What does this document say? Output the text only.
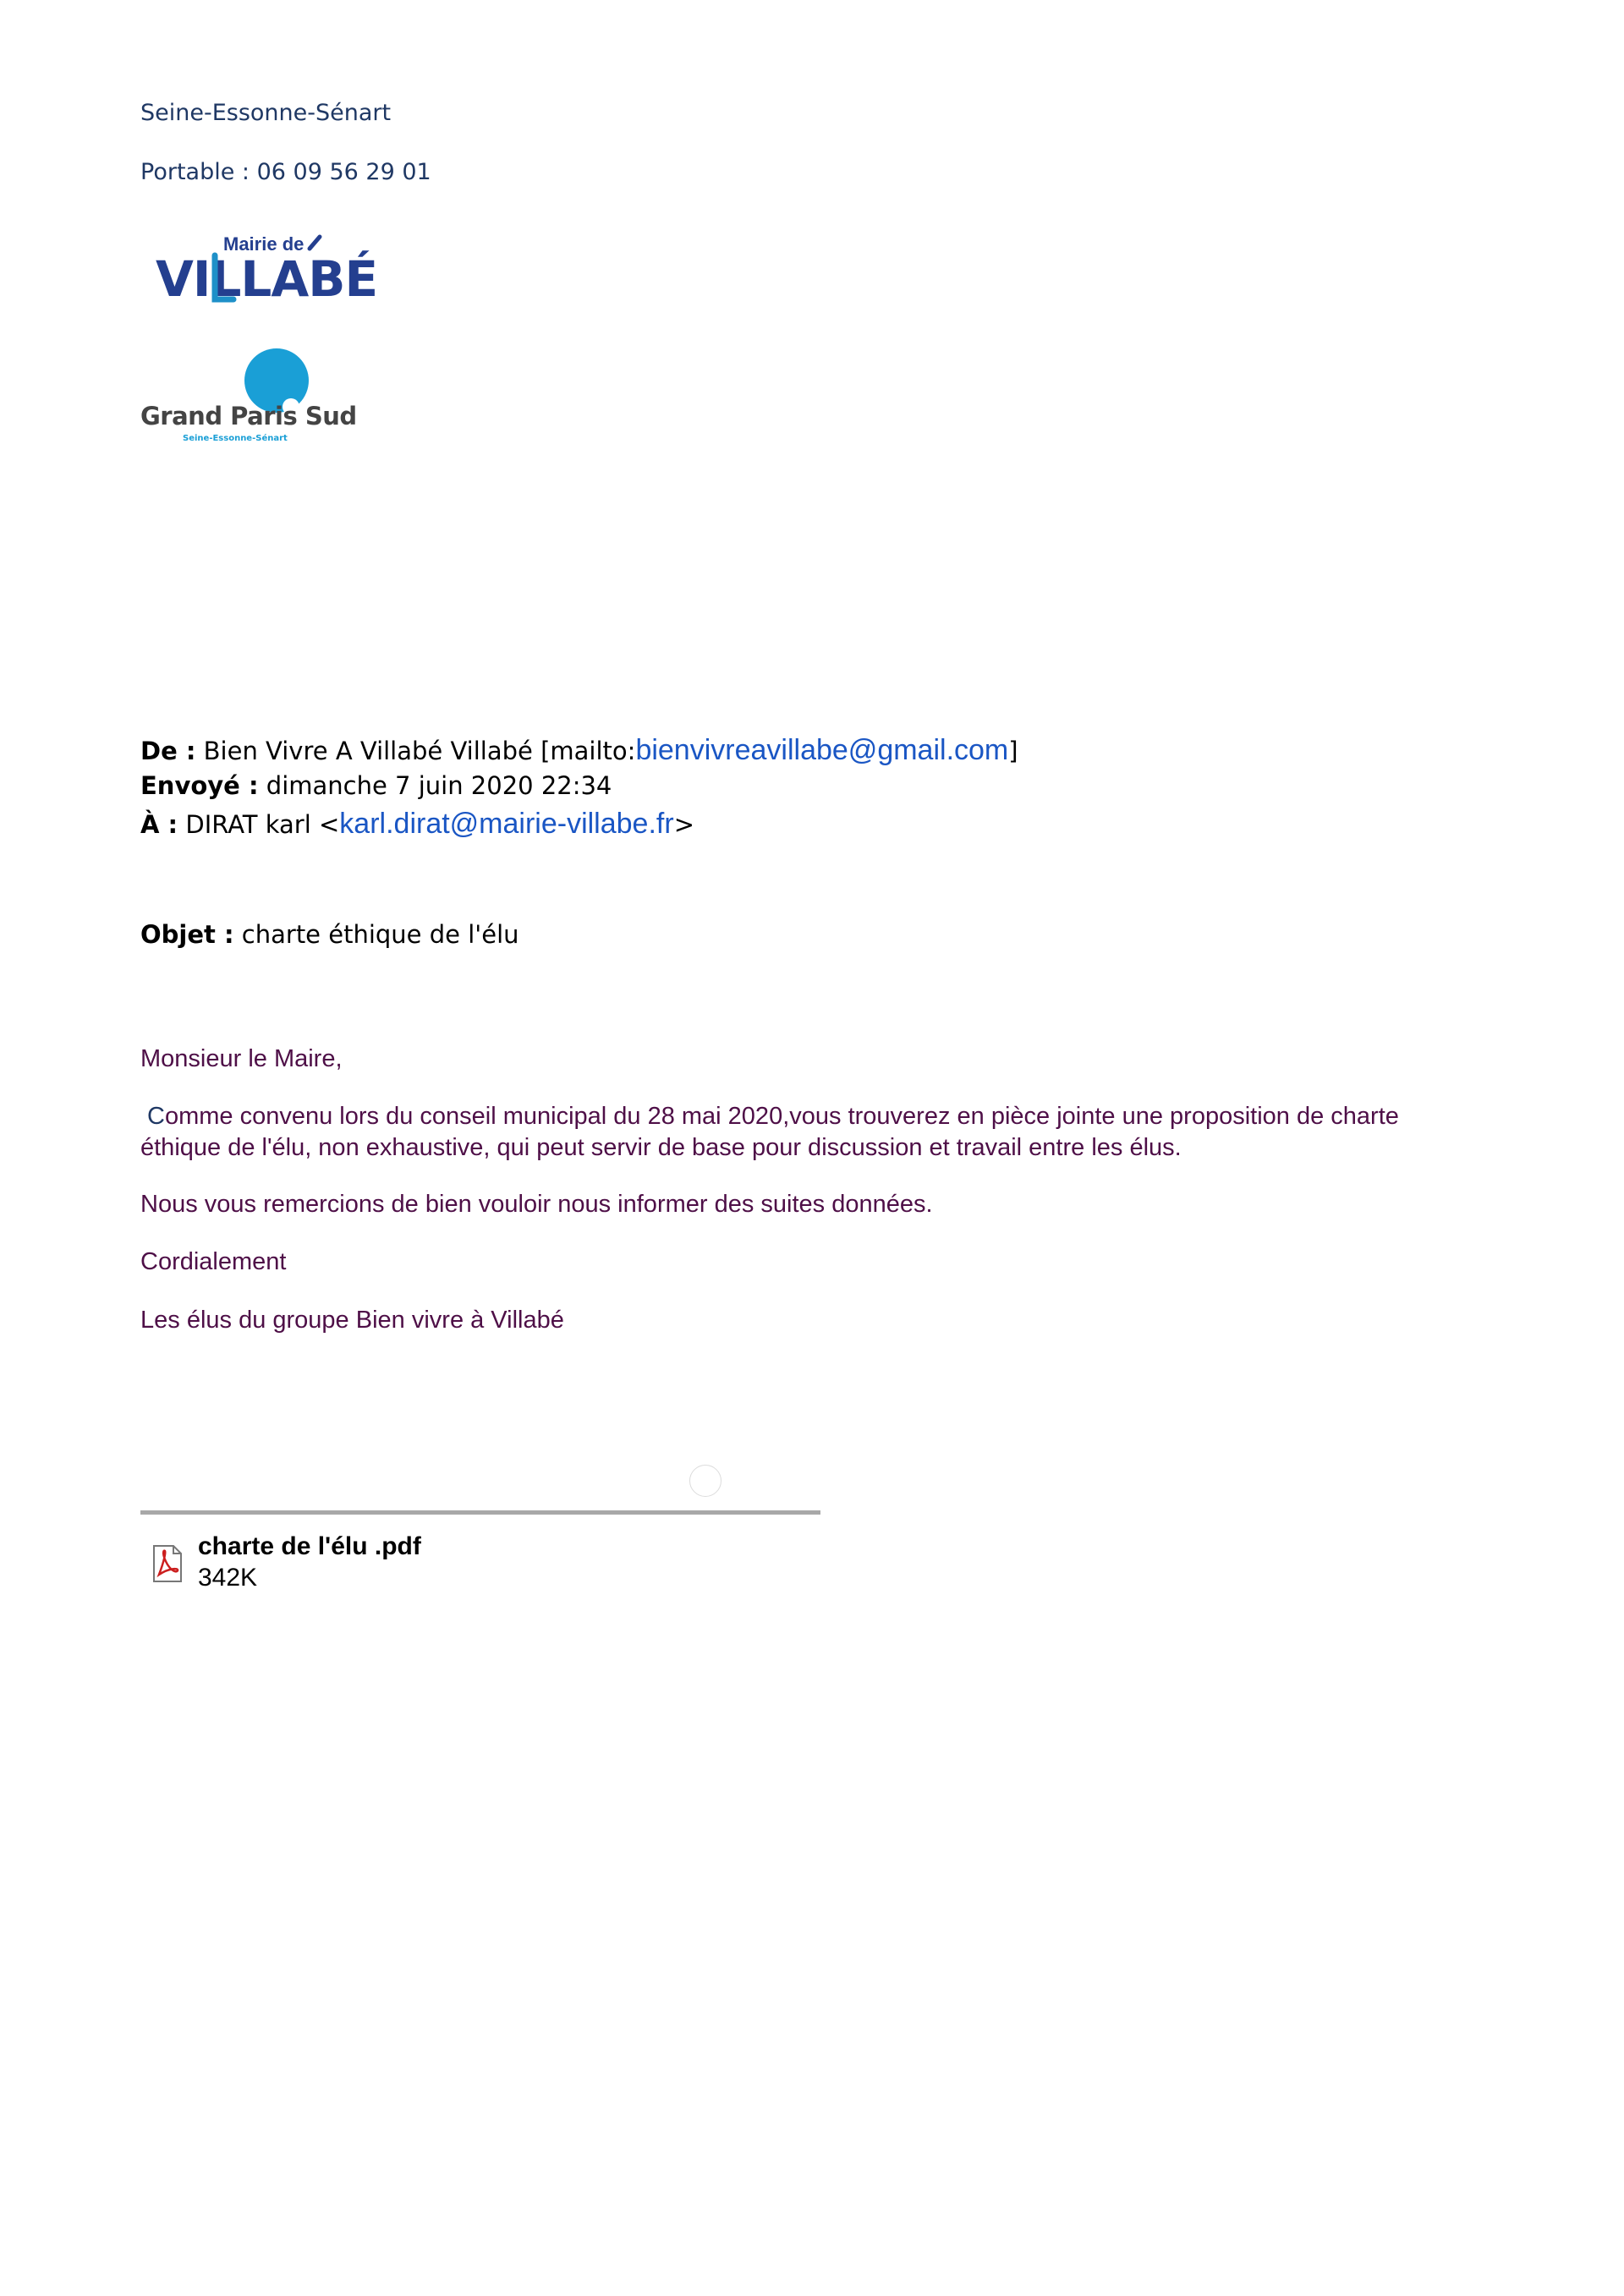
Seine-Essonne-Sénart
Portable : 06 09 56 29 01
Mairie de
VILLABÉ
Grand Paris Sud
Seine-Essonne-Sénart
De : Bien Vivre A Villabé Villabé [mailto:bienvivreavillabe@gmail.com]
Envoyé : dimanche 7 juin 2020 22:34
À : DIRAT karl <karl.dirat@mairie-villabe.fr>
Objet : charte éthique de l'élu

Monsieur le Maire,

Comme convenu lors du conseil municipal du 28 mai 2020,vous trouverez en pièce jointe une proposition de charte éthique de l'élu, non exhaustive, qui peut servir de base pour discussion et travail entre les élus.

Nous vous remercions de bien vouloir nous informer des suites données.

Cordialement

Les élus du groupe Bien vivre à Villabé

charte de l'élu .pdf
342K
